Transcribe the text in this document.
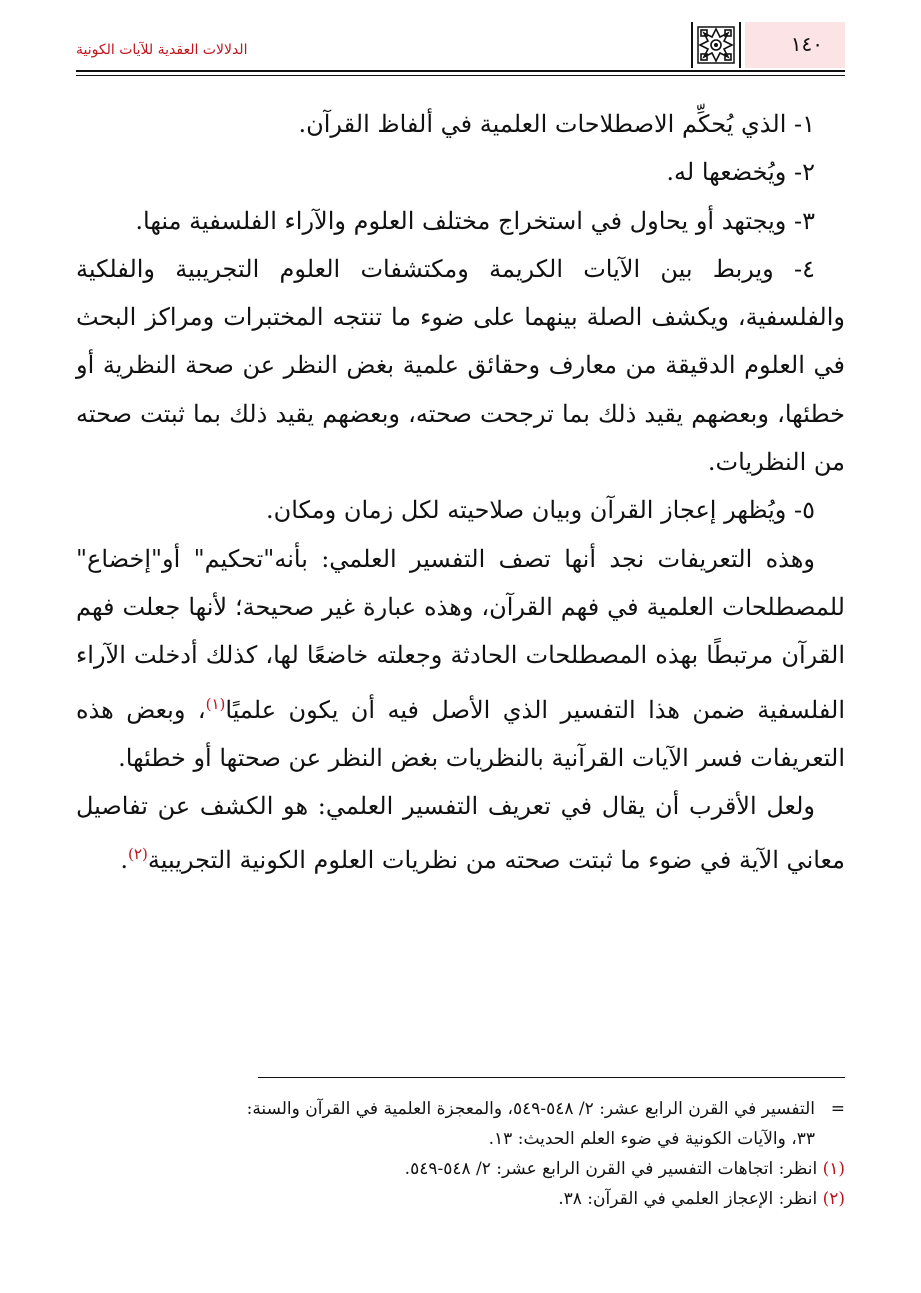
الدلالات العقدية للآيات الكونية	١٤٠

١- الذي يُحكِّم الاصطلاحات العلمية في ألفاظ القرآن.

٢- ويُخضعها له.

٣- ويجتهد أو يحاول في استخراج مختلف العلوم والآراء الفلسفية منها.

٤- ويربط بين الآيات الكريمة ومكتشفات العلوم التجريبية والفلكية والفلسفية، ويكشف الصلة بينهما على ضوء ما تنتجه المختبرات ومراكز البحث في العلوم الدقيقة من معارف وحقائق علمية بغض النظر عن صحة النظرية أو خطئها، وبعضهم يقيد ذلك بما ترجحت صحته، وبعضهم يقيد ذلك بما ثبتت صحته من النظريات.

٥- ويُظهر إعجاز القرآن وبيان صلاحيته لكل زمان ومكان.

وهذه التعريفات نجد أنها تصف التفسير العلمي: بأنه"تحكيم" أو"إخضاع" للمصطلحات العلمية في فهم القرآن، وهذه عبارة غير صحيحة؛ لأنها جعلت فهم القرآن مرتبطًا بهذه المصطلحات الحادثة وجعلته خاضعًا لها، كذلك أدخلت الآراء الفلسفية ضمن هذا التفسير الذي الأصل فيه أن يكون علميًا$^{(١)}$، وبعض هذه التعريفات فسر الآيات القرآنية بالنظريات بغض النظر عن صحتها أو خطئها.

ولعل الأقرب أن يقال في تعريف التفسير العلمي: هو الكشف عن تفاصيل معاني الآية في ضوء ما ثبتت صحته من نظريات العلوم الكونية التجريبية$^{(٢)}$.

=التفسير في القرن الرابع عشر: ٢/ ٥٤٨-٥٤٩، والمعجزة العلمية في القرآن والسنة:

٣٣، والآيات الكونية في ضوء العلم الحديث: ١٣.

(١) انظر: اتجاهات التفسير في القرن الرابع عشر: ٢/ ٥٤٨-٥٤٩.

(٢) انظر: الإعجاز العلمي في القرآن: ٣٨.
